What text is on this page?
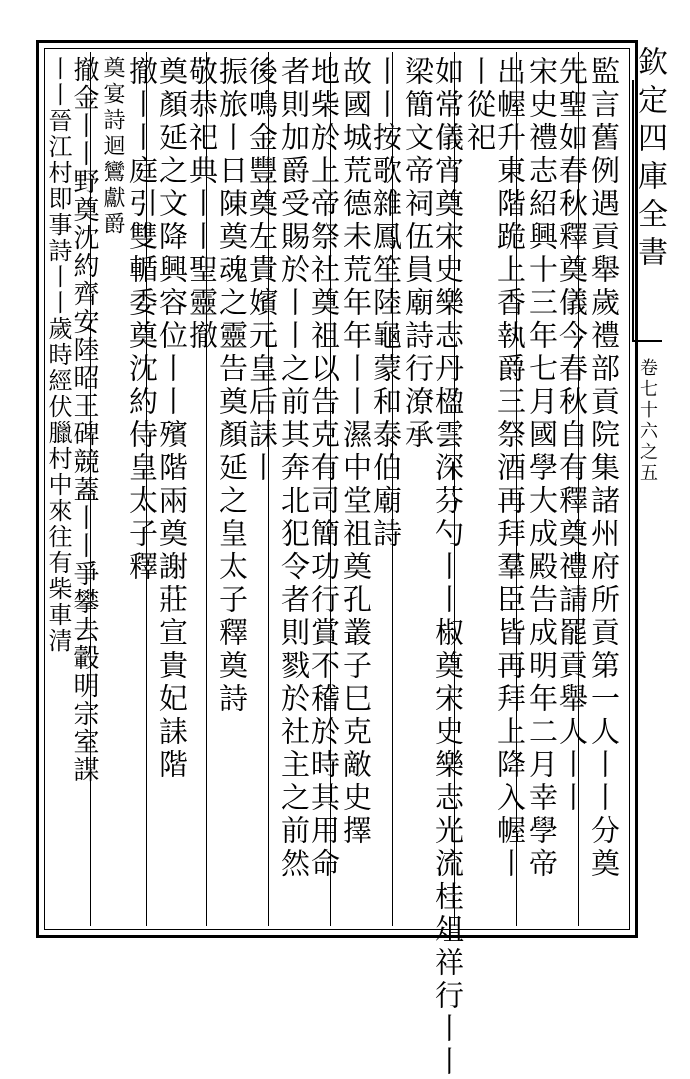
欽定四庫全書
卷七十六之五
監言舊例遇貢舉歲禮部貢院集諸州府所貢第一人丨丨分奠
先聖如春秋釋奠儀今春秋自有釋奠禮請罷貢舉人丨丨
宋史禮志紹興十三年七月國學大成殿告成明年二月幸學帝
出幄升東階跪上香執爵三祭酒再拜羣臣皆再拜上降入幄丨
丨從祀
如常儀宵奠宋史樂志丹楹雲深芬勺丨丨椒奠宋史樂志光流桂俎祥行丨丨
梁簡文帝祠伍員廟詩行潦承
丨丨按歌雜鳳笙陸龜蒙和泰伯廟詩
故國城荒德未荒年年丨丨濕中堂祖奠孔叢子巳克敵史擇
地柴於上帝祭社奠祖以告克有司簡功行賞不稽於時其用命
者則加爵受賜於丨丨之前其奔北犯令者則戮於社主之前然
後鳴金豐奠左貴嬪元皇后誄丨
振旅丨日陳奠魂之靈告奠顏延之皇太子釋奠詩
敬恭祀典丨丨聖靈撤
奠顏延之文降興容位丨丨殯階兩奠謝莊宣貴妃誄階
撤丨丨庭引雙輴委奠沈約侍皇太子釋
奠宴詩迴鸞獻爵
撤金丨丨野奠沈約齊安陸昭王碑競蓋丨丨爭攀去轂明宗室謀
丨丨晉江村即事詩丨丨歲時經伏臘村中來往有柴車清
